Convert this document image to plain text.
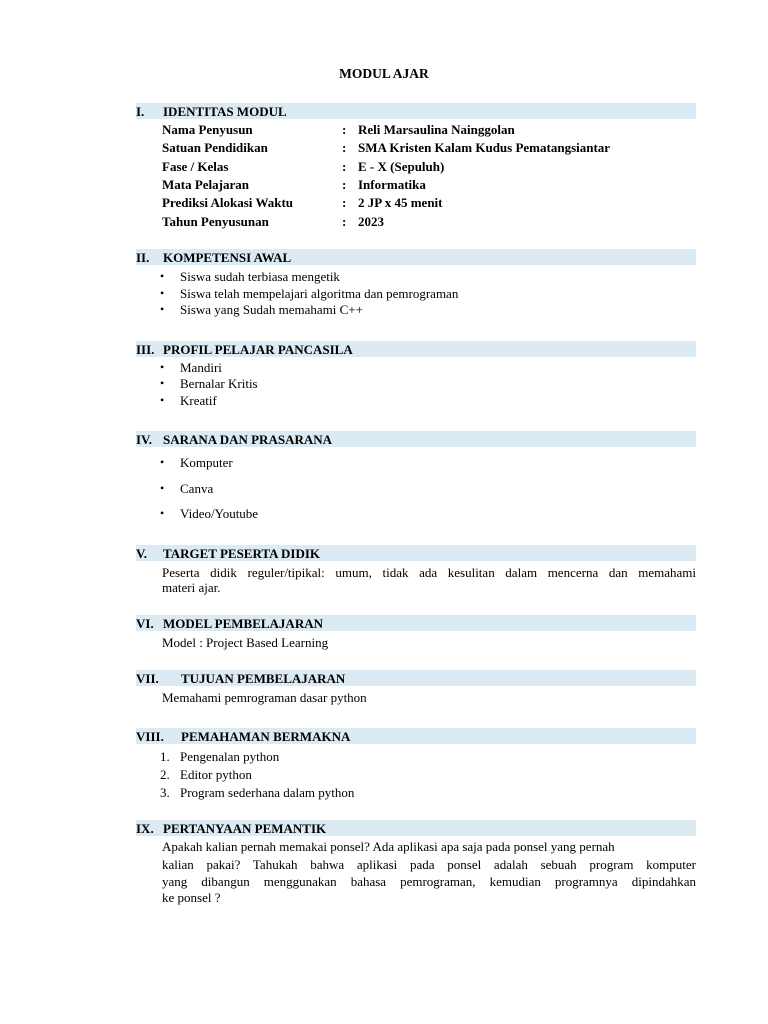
MODUL AJAR
I. IDENTITAS MODUL
Nama Penyusun	: Reli Marsaulina Nainggolan
Satuan Pendidikan	: SMA Kristen Kalam Kudus Pematangsiantar
Fase / Kelas	: E - X (Sepuluh)
Mata Pelajaran	: Informatika
Prediksi Alokasi Waktu	: 2 JP x 45 menit
Tahun Penyusunan	: 2023
II. KOMPETENSI AWAL
• Siswa sudah terbiasa mengetik
• Siswa telah mempelajari algoritma dan pemrograman
• Siswa yang Sudah memahami C++
III. PROFIL PELAJAR PANCASILA
• Mandiri
• Bernalar Kritis
• Kreatif
IV. SARANA DAN PRASARANA
• Komputer
• Canva
• Video/Youtube
V. TARGET PESERTA DIDIK
Peserta didik reguler/tipikal: umum, tidak ada kesulitan dalam mencerna dan memahami
materi ajar.
VI. MODEL PEMBELAJARAN
Model : Project Based Learning
VII. TUJUAN PEMBELAJARAN
Memahami pemrograman dasar python
VIII. PEMAHAMAN BERMAKNA
1. Pengenalan python
2. Editor python
3. Program sederhana dalam python
IX. PERTANYAAN PEMANTIK
Apakah kalian pernah memakai ponsel? Ada aplikasi apa saja pada ponsel yang pernah
kalian pakai? Tahukah bahwa aplikasi pada ponsel adalah sebuah program komputer
yang dibangun menggunakan bahasa pemrograman, kemudian programnya dipindahkan
ke ponsel ?
